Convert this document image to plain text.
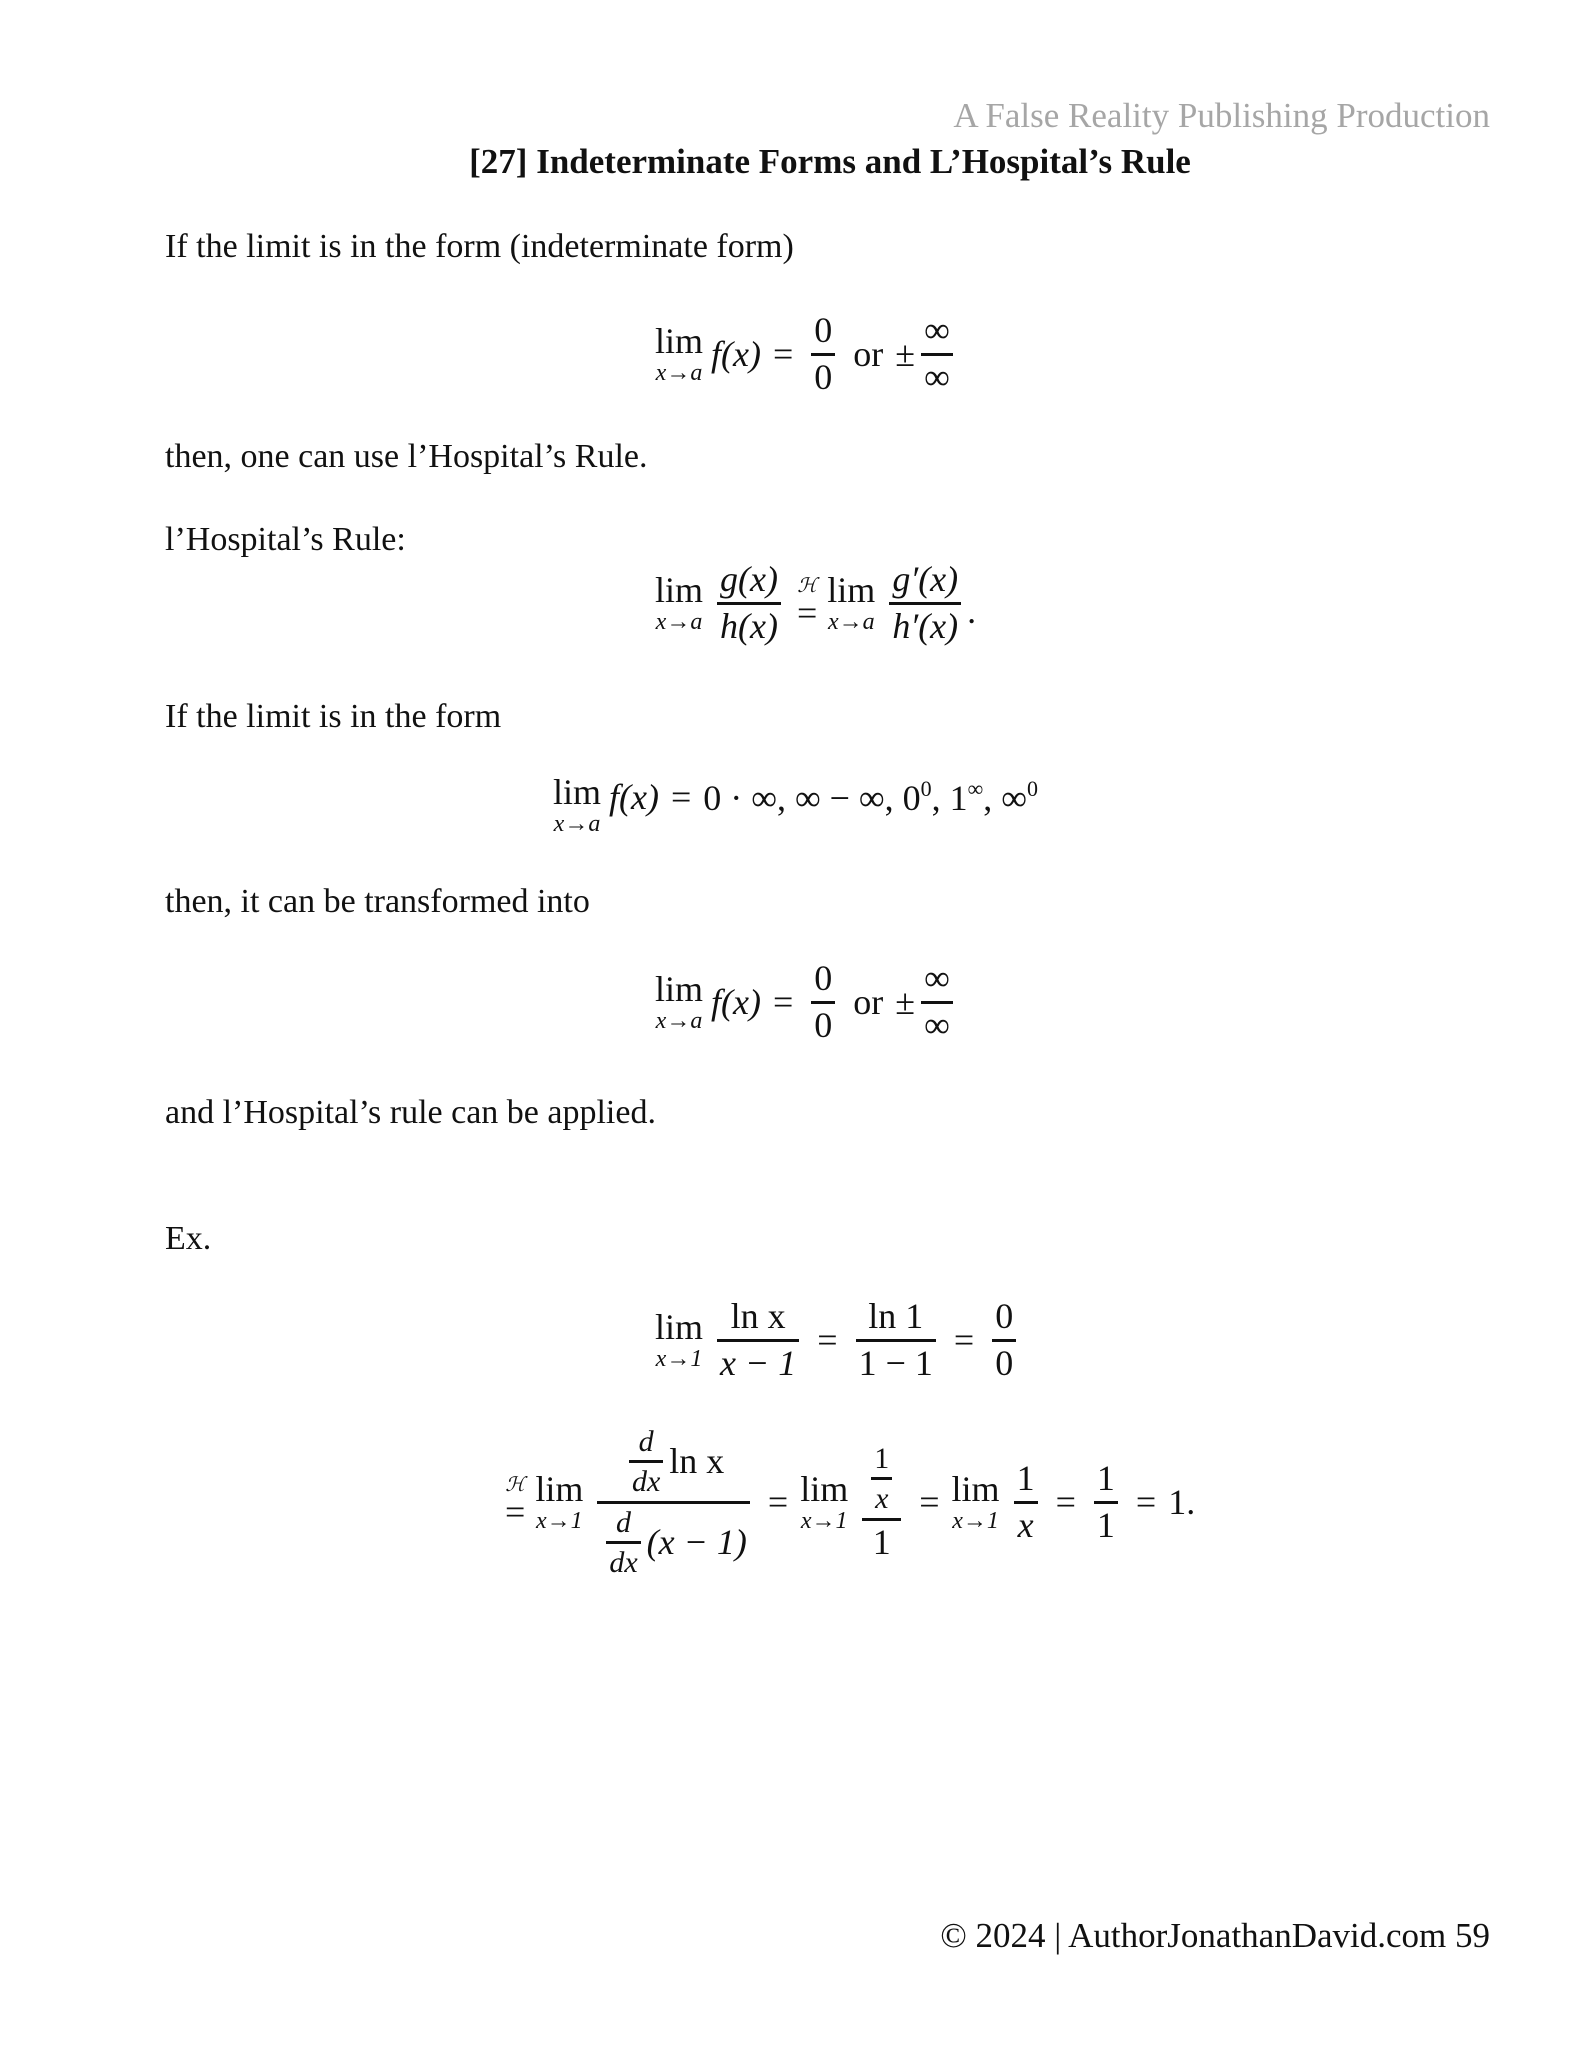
A False Reality Publishing Production
[27] Indeterminate Forms and L’Hospital’s Rule
If the limit is in the form (indeterminate form)
lim
x→a $f(x) = \frac{0}{0}$ or ± $\frac{\infty}{\infty}$
then, one can use l’Hospital’s Rule.
l’Hospital’s Rule:
lim
$x\to a \frac{g(x)}{h(x)}$ ℋ
=
lim
$x\to a \frac{g'(x)}{h'(x)}$ .
If the limit is in the form
lim
x→a
f(x) = 0 · ∞, ∞ − ∞, $0^0$, 1∞, ∞$^0$
then, it can be transformed into
lim
x→a $f(x) = \frac{0}{0}$ or ± $\frac{\infty}{\infty}$
and l’Hospital’s rule can be applied.
Ex.
lim
$x\to 1 \frac{\text{ln x}}{x - 1} = \frac{\ln 1}{1 - 1} = \frac{0}{0}$
ℋ
=
lim
$x\to 1 \frac{\frac{d}{dx} \ln x}{\frac{d}{dx} (x - 1)} = \lim$
$x\to 1 \frac{\frac{1}{x}}{1} = \lim$
$x\to 1 \frac{1}{x} = \frac{1}{1} = 1$.
© 2024 | AuthorJonathanDavid.com 59
